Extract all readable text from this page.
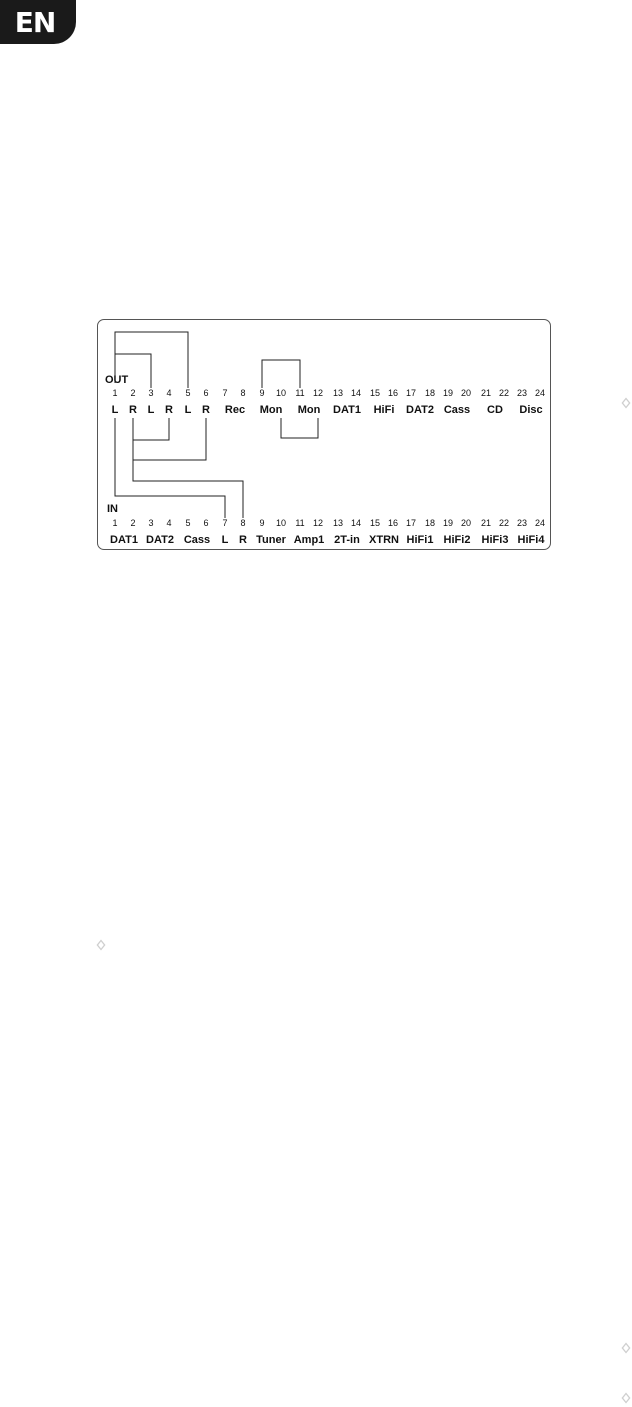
EN
OUT
IN
1 2 3 4 5 6 7 8 9 10 11 12 13 14 15 16 17 18 19 20 21 22 23 24
L R L R L R Rec Mon Mon DAT1 HiFi DAT2 Cass CD Disc
1 2 3 4 5 6 7 8 9 10 11 12 13 14 15 16 17 18 19 20 21 22 23 24
DAT1 DAT2 Cass L R Tuner Amp1 2T-in XTRN HiFi1 HiFi2 HiFi3 HiFi4
